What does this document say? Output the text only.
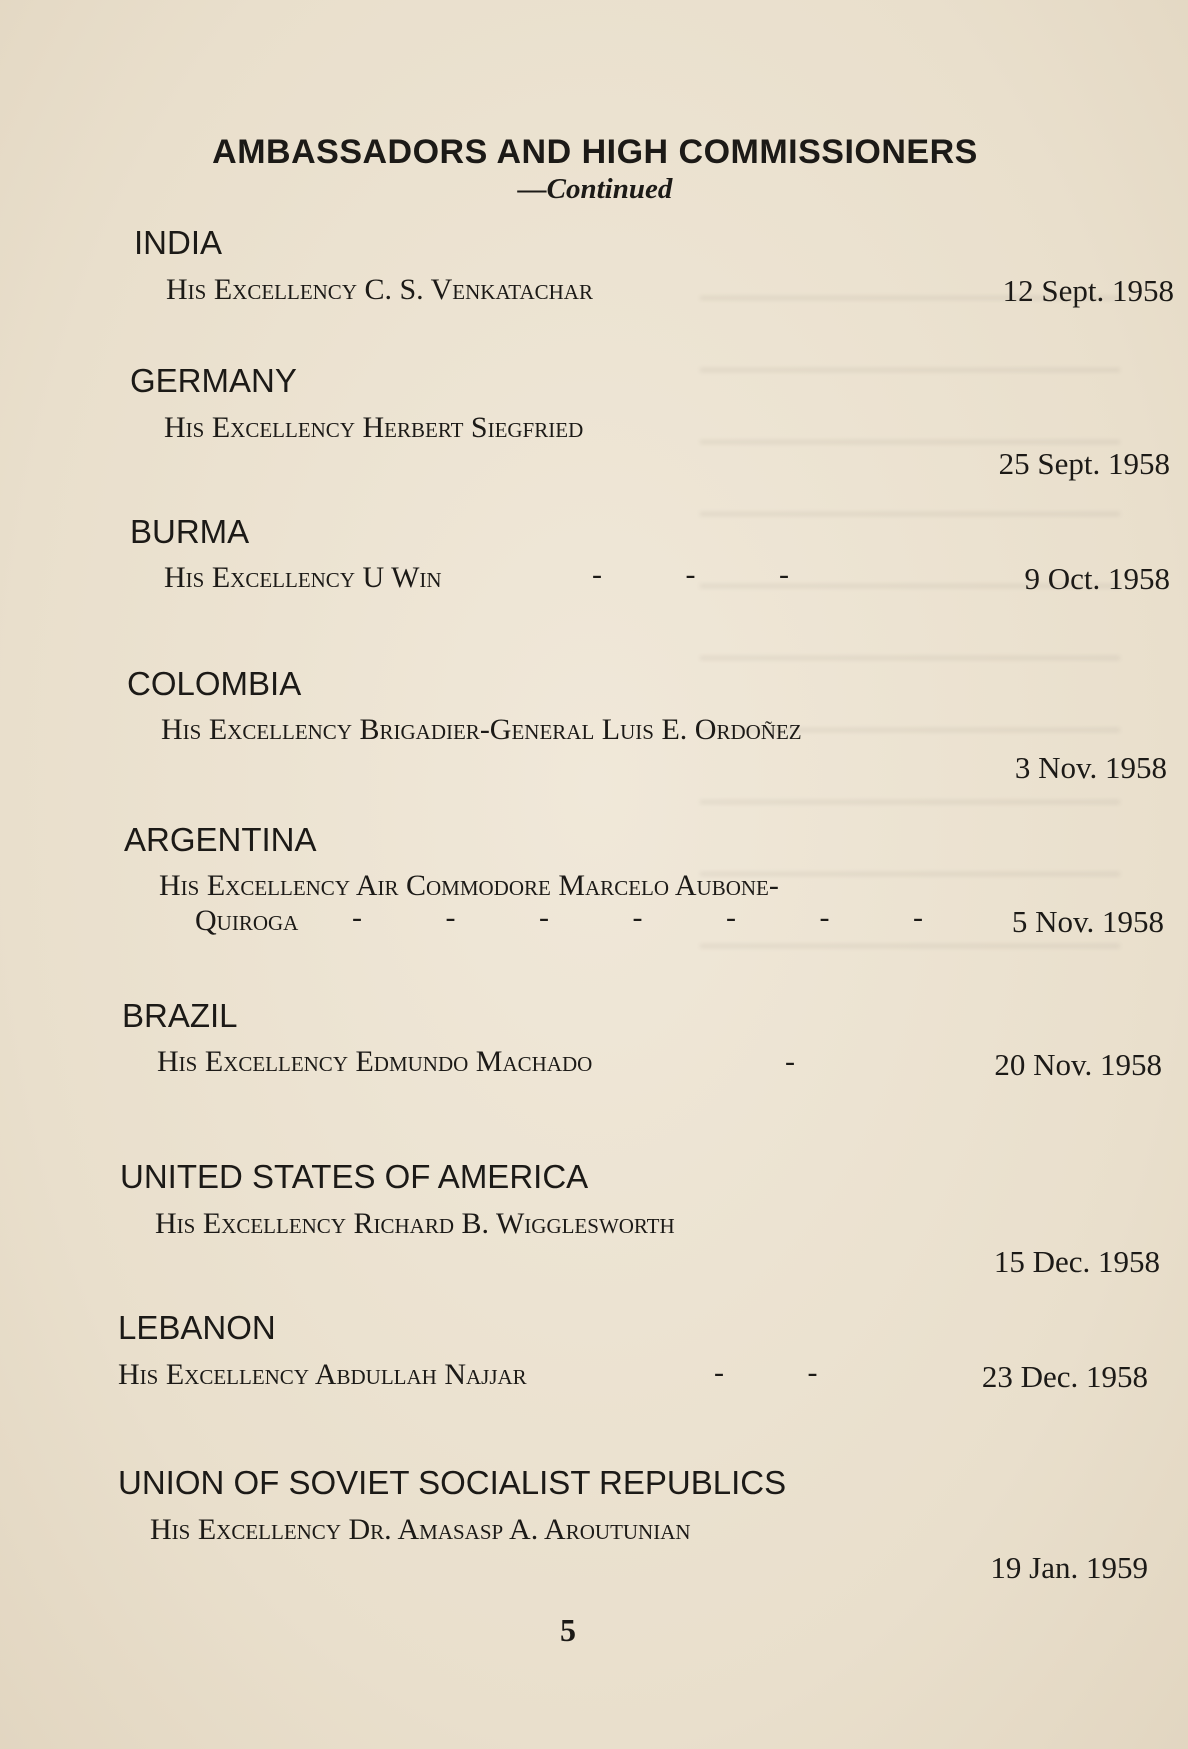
AMBASSADORS AND HIGH COMMISSIONERS
—Continued
INDIA
His Excellency C. S. Venkatachar	12 Sept. 1958
GERMANY
His Excellency Herbert Siegfried
25 Sept. 1958
BURMA
His Excellency U Win	- - -	9 Oct. 1958
COLOMBIA
His Excellency Brigadier-General Luis E. Ordoñez
3 Nov. 1958
ARGENTINA
His Excellency Air Commodore Marcelo Aubone-
Quiroga - - - - - - -	5 Nov. 1958
BRAZIL
His Excellency Edmundo Machado	-	20 Nov. 1958
UNITED STATES OF AMERICA
His Excellency Richard B. Wigglesworth
15 Dec. 1958
LEBANON
His Excellency Abdullah Najjar	- -	23 Dec. 1958
UNION OF SOVIET SOCIALIST REPUBLICS
His Excellency Dr. Amasasp A. Aroutunian
19 Jan. 1959
5
